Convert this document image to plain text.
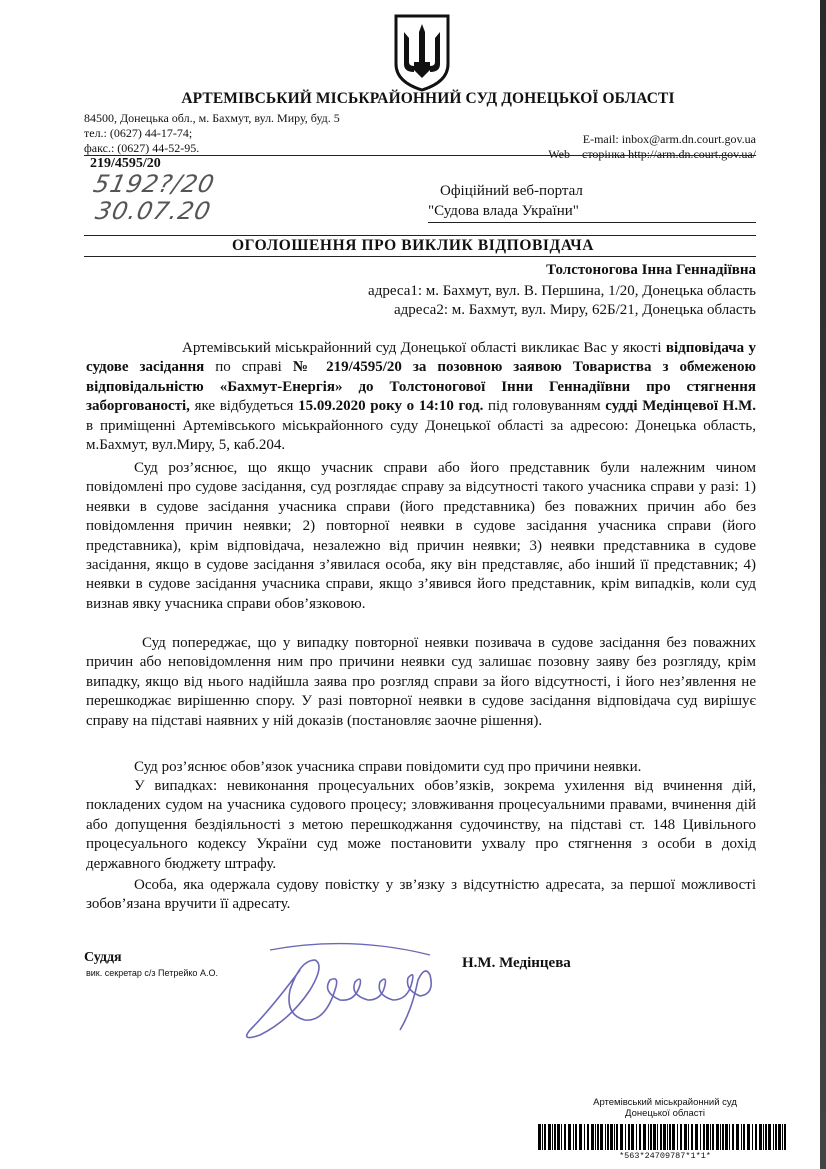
АРТЕМІВСЬКИЙ МІСЬКРАЙОННИЙ СУД ДОНЕЦЬКОЇ ОБЛАСТІ
84500, Донецька обл., м. Бахмут, вул. Миру, буд. 5
тел.: (0627) 44-17-74;
факс.: (0627) 44-52-95.
E-mail: inbox@arm.dn.court.gov.ua
Web – сторінка http://arm.dn.court.gov.ua/
219/4595/20
5192?/20
30.07.20
Офіційний веб-портал
"Судова влада України"
ОГОЛОШЕННЯ ПРО ВИКЛИК ВІДПОВІДАЧА
Толстоногова Інна Геннадіївна
адреса1: м. Бахмут, вул. В. Першина, 1/20, Донецька область
адреса2: м. Бахмут, вул. Миру, 62Б/21, Донецька область

Артемівський міськрайонний суд Донецької області викликає Вас у якості відповідача у судове засідання по справі № 219/4595/20 за позовною заявою Товариства з обмеженою відповідальністю «Бахмут-Енергія» до Толстоногової Інни Геннадіївни про стягнення заборгованості, яке відбудеться 15.09.2020 року о 14:10 год. під головуванням судді Медінцевої Н.М. в приміщенні Артемівського міськрайонного суду Донецької області за адресою: Донецька область, м.Бахмут, вул.Миру, 5, каб.204.

Суд роз’яснює, що якщо учасник справи або його представник були належним чином повідомлені про судове засідання, суд розглядає справу за відсутності такого учасника справи у разі: 1) неявки в судове засідання учасника справи (його представника) без поважних причин або без повідомлення причин неявки; 2) повторної неявки в судове засідання учасника справи (його представника), крім відповідача, незалежно від причин неявки; 3) неявки представника в судове засідання, якщо в судове засідання з’явилася особа, яку він представляє, або інший її представник; 4) неявки в судове засідання учасника справи, якщо з’явився його представник, крім випадків, коли суд визнав явку учасника справи обов’язковою.

Суд попереджає, що у випадку повторної неявки позивача в судове засідання без поважних причин або неповідомлення ним про причини неявки суд залишає позовну заяву без розгляду, крім випадку, якщо від нього надійшла заява про розгляд справи за його відсутності, і його нез’явлення не перешкоджає вирішенню спору. У разі повторної неявки в судове засідання відповідача суд вирішує справу на підставі наявних у ній доказів (постановляє заочне рішення).

Суд роз’яснює обов’язок учасника справи повідомити суд про причини неявки.

У випадках: невиконання процесуальних обов’язків, зокрема ухилення від вчинення дій, покладених судом на учасника судового процесу; зловживання процесуальними правами, вчинення дій або допущення бездіяльності з метою перешкоджання судочинству, на підставі ст. 148 Цивільного процесуального кодексу України суд може постановити ухвалу про стягнення з особи в дохід державного бюджету штрафу.

Особа, яка одержала судову повістку у зв’язку з відсутністю адресата, за першої можливості зобов’язана вручити її адресату.

Суддя
вик. секретар с/з Петрейко А.О.
Н.М. Медінцева
Артемівський міськрайонний суд
Донецької області
*563*24709787*1*1*
